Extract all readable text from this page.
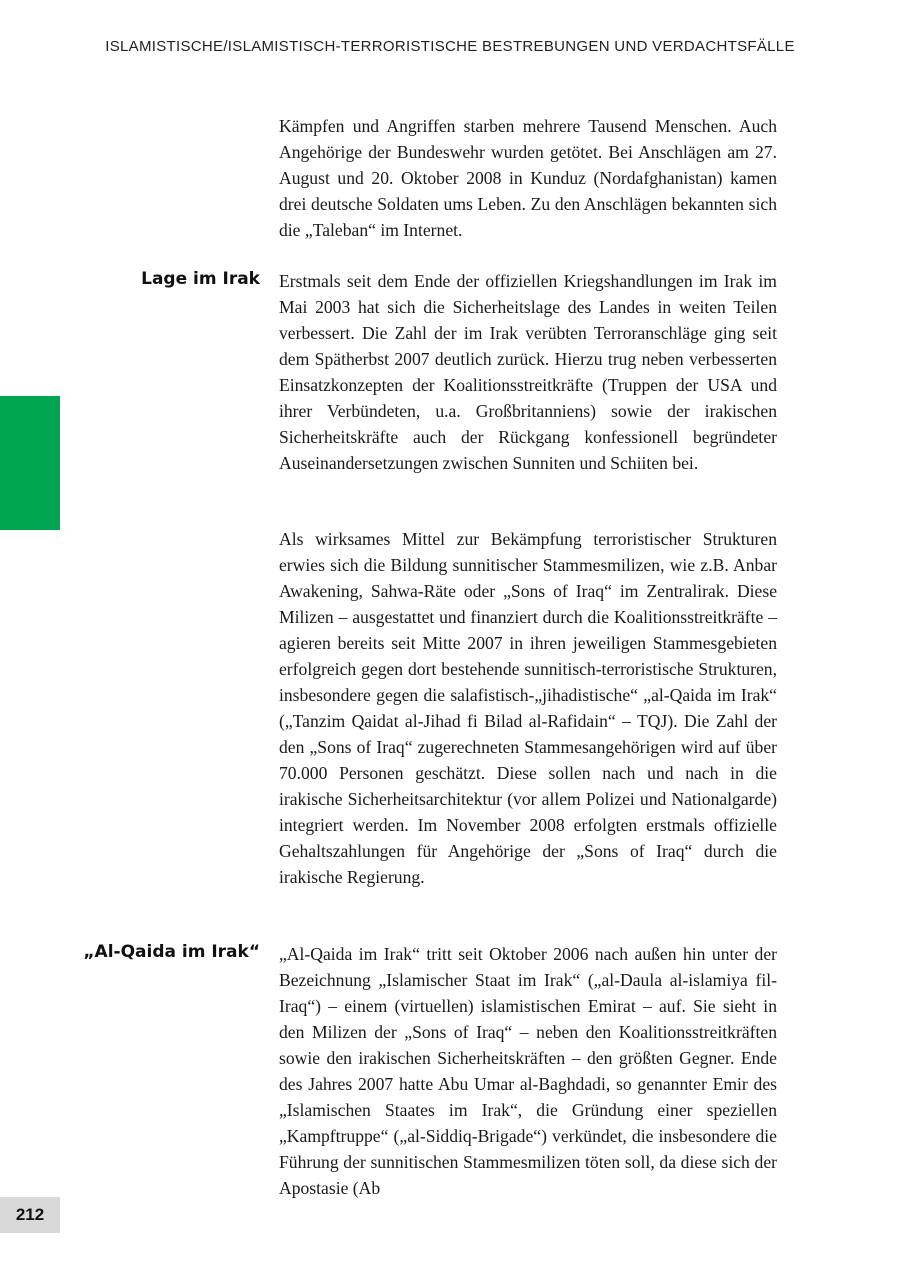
ISLAMISTISCHE/ISLAMISTISCH-TERRORISTISCHE BESTREBUNGEN UND VERDACHTSFÄLLE

Kämpfen und Angriffen starben mehrere Tausend Menschen. Auch Angehörige der Bundeswehr wurden getötet. Bei Anschlägen am 27. August und 20. Oktober 2008 in Kunduz (Nordafghanistan) kamen drei deutsche Soldaten ums Leben. Zu den Anschlägen bekannten sich die „Taleban“ im Internet.

Lage im Irak Erstmals seit dem Ende der offiziellen Kriegshandlungen im Irak im Mai 2003 hat sich die Sicherheitslage des Landes in weiten Teilen verbessert. Die Zahl der im Irak verübten Terroranschläge ging seit dem Spätherbst 2007 deutlich zurück. Hierzu trug neben verbesserten Einsatzkonzepten der Koalitionsstreitkräfte (Truppen der USA und ihrer Verbündeten, u.a. Großbritanniens) sowie der irakischen Sicherheitskräfte auch der Rückgang konfessionell begründeter Auseinandersetzungen zwischen Sunniten und Schiiten bei.

Als wirksames Mittel zur Bekämpfung terroristischer Strukturen erwies sich die Bildung sunnitischer Stammesmilizen, wie z.B. Anbar Awakening, Sahwa-Räte oder „Sons of Iraq“ im Zentralirak. Diese Milizen – ausgestattet und finanziert durch die Koalitionsstreitkräfte – agieren bereits seit Mitte 2007 in ihren jeweiligen Stammesgebieten erfolgreich gegen dort bestehende sunnitisch-terroristische Strukturen, insbesondere gegen die salafistisch-„jihadistische“ „al-Qaida im Irak“ („Tanzim Qaidat al-Jihad fi Bilad al-Rafidain“ – TQJ). Die Zahl der den „Sons of Iraq“ zugerechneten Stammesangehörigen wird auf über 70.000 Personen geschätzt. Diese sollen nach und nach in die irakische Sicherheitsarchitektur (vor allem Polizei und Nationalgarde) integriert werden. Im November 2008 erfolgten erstmals offizielle Gehaltszahlungen für Angehörige der „Sons of Iraq“ durch die irakische Regierung.

„Al-Qaida im Irak“ „Al-Qaida im Irak“ tritt seit Oktober 2006 nach außen hin unter der Bezeichnung „Islamischer Staat im Irak“ („al-Daula al-islamiya fil-Iraq“) – einem (virtuellen) islamistischen Emirat – auf. Sie sieht in den Milizen der „Sons of Iraq“ – neben den Koalitionsstreitkräften sowie den irakischen Sicherheitskräften – den größten Gegner. Ende des Jahres 2007 hatte Abu Umar al-Baghdadi, so genannter Emir des „Islamischen Staates im Irak“, die Gründung einer speziellen „Kampftruppe“ („al-Siddiq-Brigade“) verkündet, die insbesondere die Führung der sunnitischen Stammesmilizen töten soll, da diese sich der Apostasie (Ab

212
